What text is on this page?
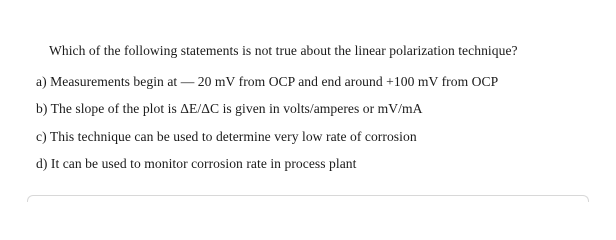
Which of the following statements is not true about the linear polarization technique?
a) Measurements begin at — 20 mV from OCP and end around +100 mV from OCP
b) The slope of the plot is ΔE/ΔC is given in volts/amperes or mV/mA
c) This technique can be used to determine very low rate of corrosion
d) It can be used to monitor corrosion rate in process plant
